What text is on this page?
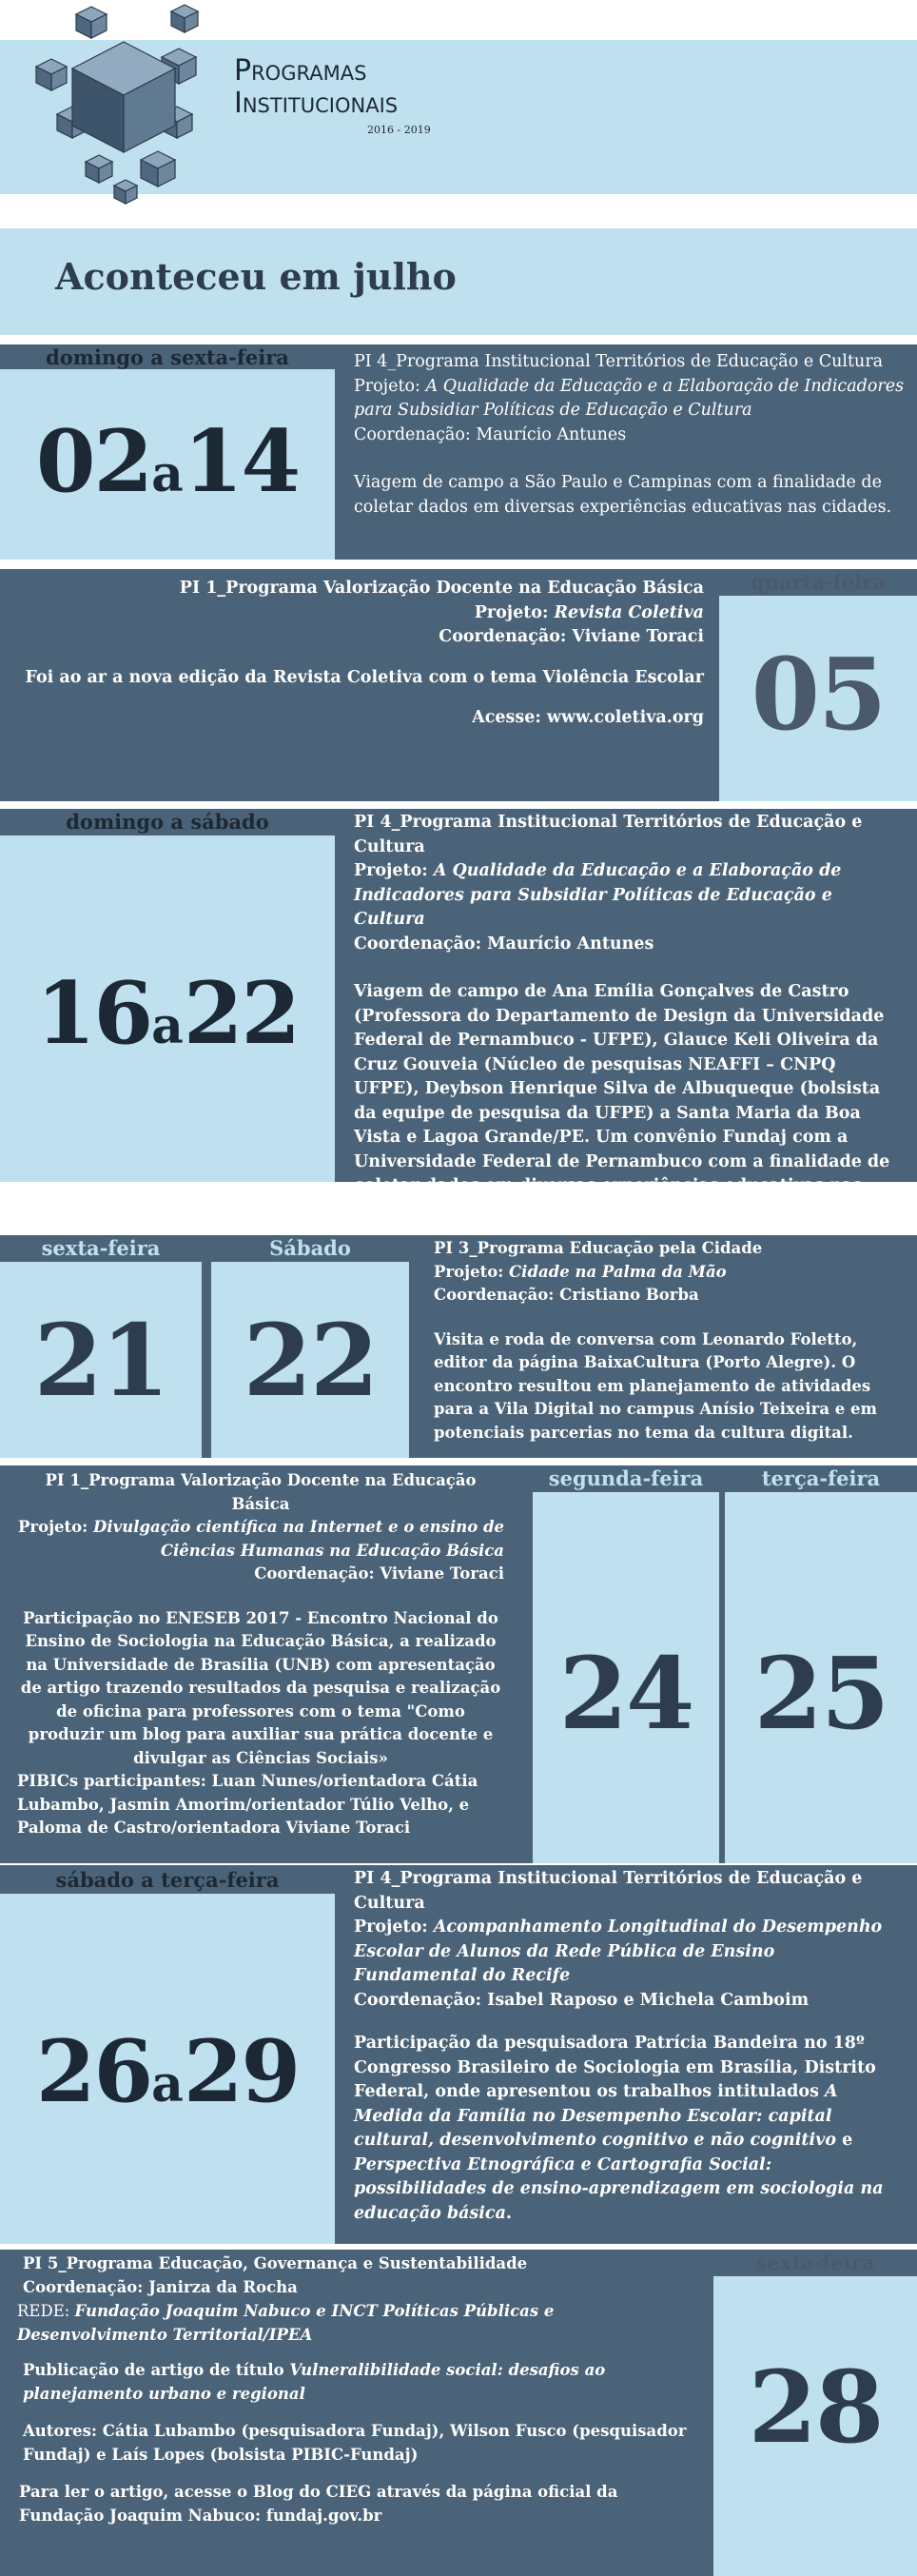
Programas
Institucionais
2016 - 2019
Aconteceu em julho
domingo a sexta-feira
02a14

PI 4_Programa Institucional Territórios de Educação e Cultura

Projeto: A Qualidade da Educação e a Elaboração de Indicadores para Subsidiar Políticas de Educação e Cultura

Coordenação: Maurício Antunes

Viagem de campo a São Paulo e Campinas com a finalidade de coletar dados em diversas experiências educativas nas cidades.

quarta-feira
05

PI 1_Programa Valorização Docente na Educação Básica

Projeto: Revista Coletiva

Coordenação: Viviane Toraci

Foi ao ar a nova edição da Revista Coletiva com o tema Violência Escolar

Acesse: www.coletiva.org

domingo a sábado
16a22

PI 4_Programa Institucional Territórios de Educação e Cultura

Projeto: A Qualidade da Educação e a Elaboração de Indicadores para Subsidiar Políticas de Educação e Cultura

Coordenação: Maurício Antunes

Viagem de campo de Ana Emília Gonçalves de Castro (Professora do Departamento de Design da Universidade Federal de Pernambuco - UFPE), Glauce Keli Oliveira da Cruz Gouveia (Núcleo de pesquisas NEAFFI – CNPQ UFPE), Deybson Henrique Silva de Albuqueque (bolsista da equipe de pesquisa da UFPE) a Santa Maria da Boa Vista e Lagoa Grande/PE. Um convênio Fundaj com a Universidade Federal de Pernambuco com a finalidade de coletar dados em diversas experiências educativas nas cidades.

sexta-feira	Sábado
21 22

PI 3_Programa Educação pela Cidade

Projeto: Cidade na Palma da Mão

Coordenação: Cristiano Borba

Visita e roda de conversa com Leonardo Foletto, editor da página BaixaCultura (Porto Alegre). O encontro resultou em planejamento de atividades para a Vila Digital no campus Anísio Teixeira e em potenciais parcerias no tema da cultura digital.

segunda-feira	terça-feira
24 25

PI 1_Programa Valorização Docente na Educação Básica

Projeto: Divulgação científica na Internet e o ensino de Ciências Humanas na Educação Básica

Coordenação: Viviane Toraci

Participação no ENESEB 2017 - Encontro Nacional do Ensino de Sociologia na Educação Básica, a realizado na Universidade de Brasília (UNB) com apresentação de artigo trazendo resultados da pesquisa e realização de oficina para professores com o tema "Como produzir um blog para auxiliar sua prática docente e divulgar as Ciências Sociais»

PIBICs participantes: Luan Nunes/orientadora Cátia Lubambo, Jasmin Amorim/orientador Túlio Velho, e Paloma de Castro/orientadora Viviane Toraci

sábado a terça-feira
26a29

PI 4_Programa Institucional Territórios de Educação e Cultura

Projeto: Acompanhamento Longitudinal do Desempenho Escolar de Alunos da Rede Pública de Ensino Fundamental do Recife

Coordenação: Isabel Raposo e Michela Camboim

Participação da pesquisadora Patrícia Bandeira no 18º Congresso Brasileiro de Sociologia em Brasília, Distrito Federal, onde apresentou os trabalhos intitulados A Medida da Família no Desempenho Escolar: capital cultural, desenvolvimento cognitivo e não cognitivo e Perspectiva Etnográfica e Cartografia Social: possibilidades de ensino-aprendizagem em sociologia na educação básica.

sexta-feira
28

PI 5_Programa Educação, Governança e Sustentabilidade

Coordenação: Janirza da Rocha

REDE: Fundação Joaquim Nabuco e INCT Políticas Públicas e Desenvolvimento Territorial/IPEA

Publicação de artigo de título Vulneralibilidade social: desafios ao planejamento urbano e regional

Autores: Cátia Lubambo (pesquisadora Fundaj), Wilson Fusco (pesquisador Fundaj) e Laís Lopes (bolsista PIBIC-Fundaj)

Para ler o artigo, acesse o Blog do CIEG através da página oficial da Fundação Joaquim Nabuco: fundaj.gov.br
